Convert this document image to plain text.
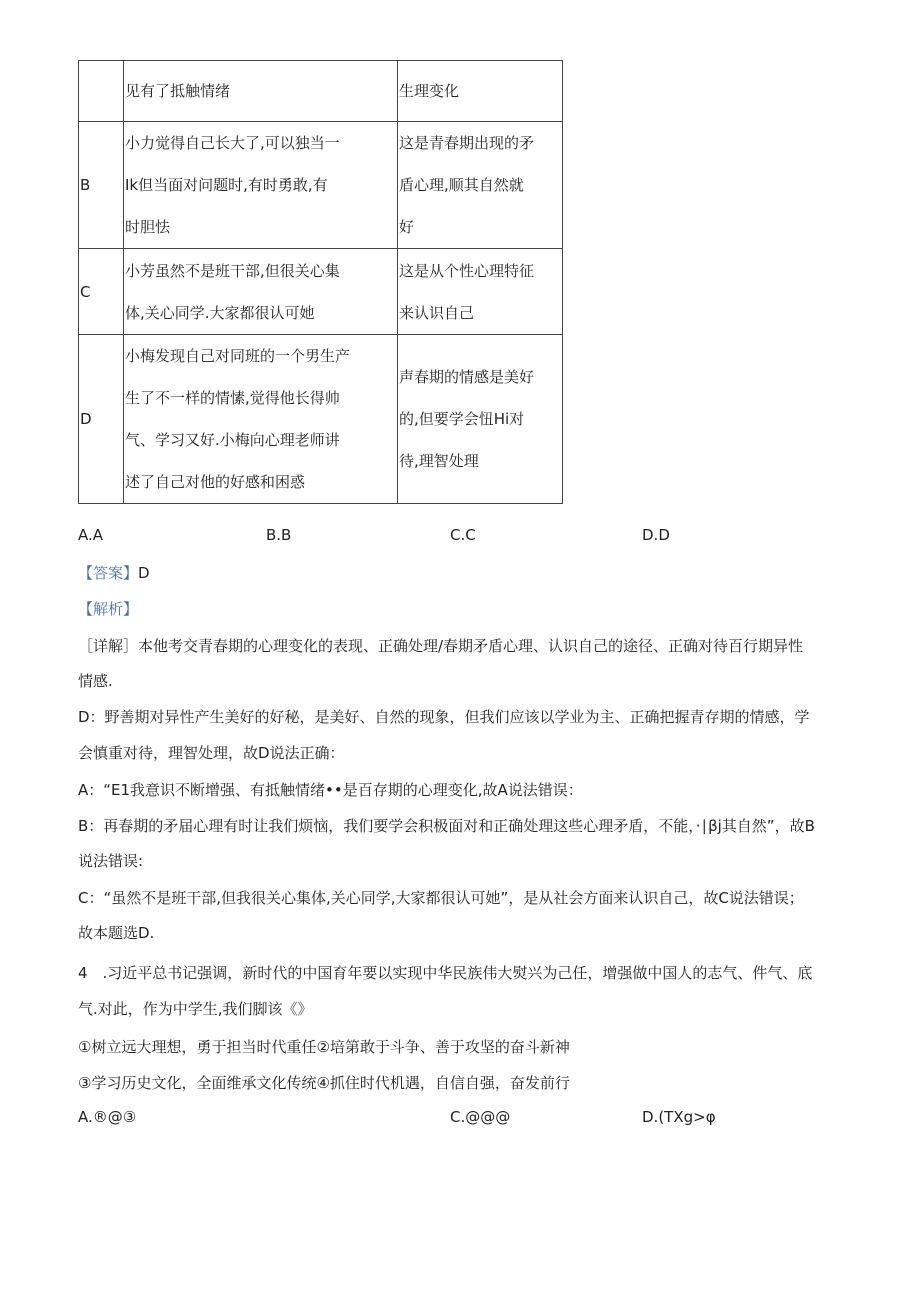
	见有了抵触情绪	生理变化

B	小力觉得自己长大了,可以独当一
Ik但当面对问题时,有时勇敢,有
时胆怯	这是青春期出现的矛
盾心理,顺其自然就
好

C	小芳虽然不是班干部,但很关心集
体,关心同学.大家都很认可她	这是从个性心理特征
来认识自己

D	小梅发现自己对同班的一个男生产
生了不一样的情愫,觉得他长得帅
气、学习又好.小梅向心理老师讲
述了自己对他的好感和困惑	声春期的情感是美好
的,但要学会忸Hi对
待,理智处理
A.A	B.B	C.C	D.D
【答案】D
【解析】
［详解］本他考交青春期的心理变化的表现、正确处理/春期矛盾心理、认识自己的途径、正确对待百行期异性
情感.
D：野善期对异性产生美好的好秘，是美好、自然的现象，但我们应该以学业为主、正确把握青存期的情感，学
会慎重对待，理智处理，故D说法正确：
A：“E1我意识不断增强、有抵触情绪••是百存期的心理变化,故A说法错误：
B：再春期的矛届心理有时让我们烦恼，我们要学会积极面对和正确处理这些心理矛盾，不能，·∣βj其自然”，故B
说法错误:
C：“虽然不是班干部,但我很关心集体,关心同学,大家都很认可她”，是从社会方面来认识自己，故C说法错误；
故本题选D.
4　.习近平总书记强调，新时代的中国育年要以实现中华民族伟大熨兴为己任，增强做中国人的志气、件气、底
气.对此，作为中学生,我们脚该《》
①树立远大理想，勇于担当时代重任②培第敢于斗争、善于攻坚的奋斗新神
③学习历史文化，全面维承文化传统④抓住时代机遇，自信自强，奋发前行
A.®@③	C.@@@	D.(TXg>φ
